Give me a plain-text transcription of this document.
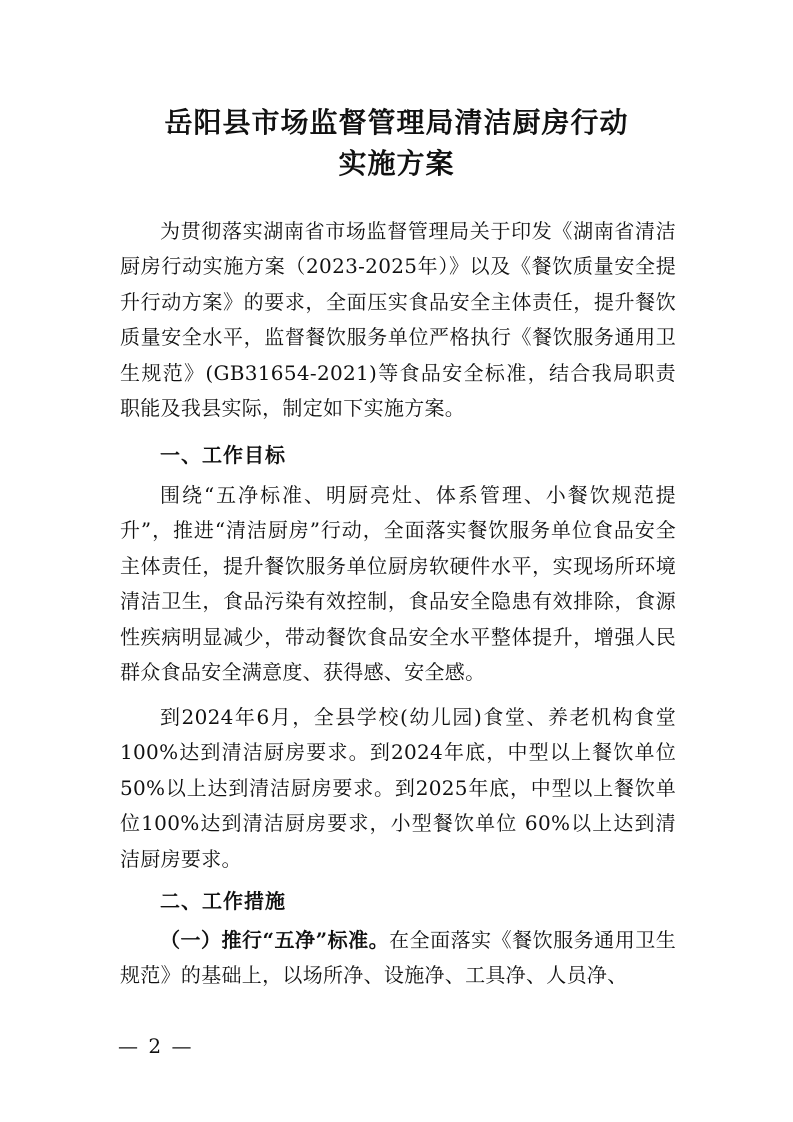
岳阳县市场监督管理局清洁厨房行动
实施方案
为贯彻落实湖南省市场监督管理局关于印发《湖南省清洁厨房行动实施方案（2023-2025年）》以及《餐饮质量安全提升行动方案》的要求，全面压实食品安全主体责任，提升餐饮质量安全水平，监督餐饮服务单位严格执行《餐饮服务通用卫生规范》(GB31654-2021)等食品安全标准，结合我局职责职能及我县实际，制定如下实施方案。
一、工作目标
围绕“五净标准、明厨亮灶、体系管理、小餐饮规范提升”，推进“清洁厨房”行动，全面落实餐饮服务单位食品安全主体责任，提升餐饮服务单位厨房软硬件水平，实现场所环境清洁卫生，食品污染有效控制，食品安全隐患有效排除，食源性疾病明显减少，带动餐饮食品安全水平整体提升，增强人民群众食品安全满意度、获得感、安全感。
到2024年6月，全县学校(幼儿园)食堂、养老机构食堂100%达到清洁厨房要求。到2024年底，中型以上餐饮单位50%以上达到清洁厨房要求。到2025年底，中型以上餐饮单位100%达到清洁厨房要求，小型餐饮单位 60%以上达到清洁厨房要求。
二、工作措施
（一）推行“五净”标准。在全面落实《餐饮服务通用卫生规范》的基础上，以场所净、设施净、工具净、人员净、
— 2 —
